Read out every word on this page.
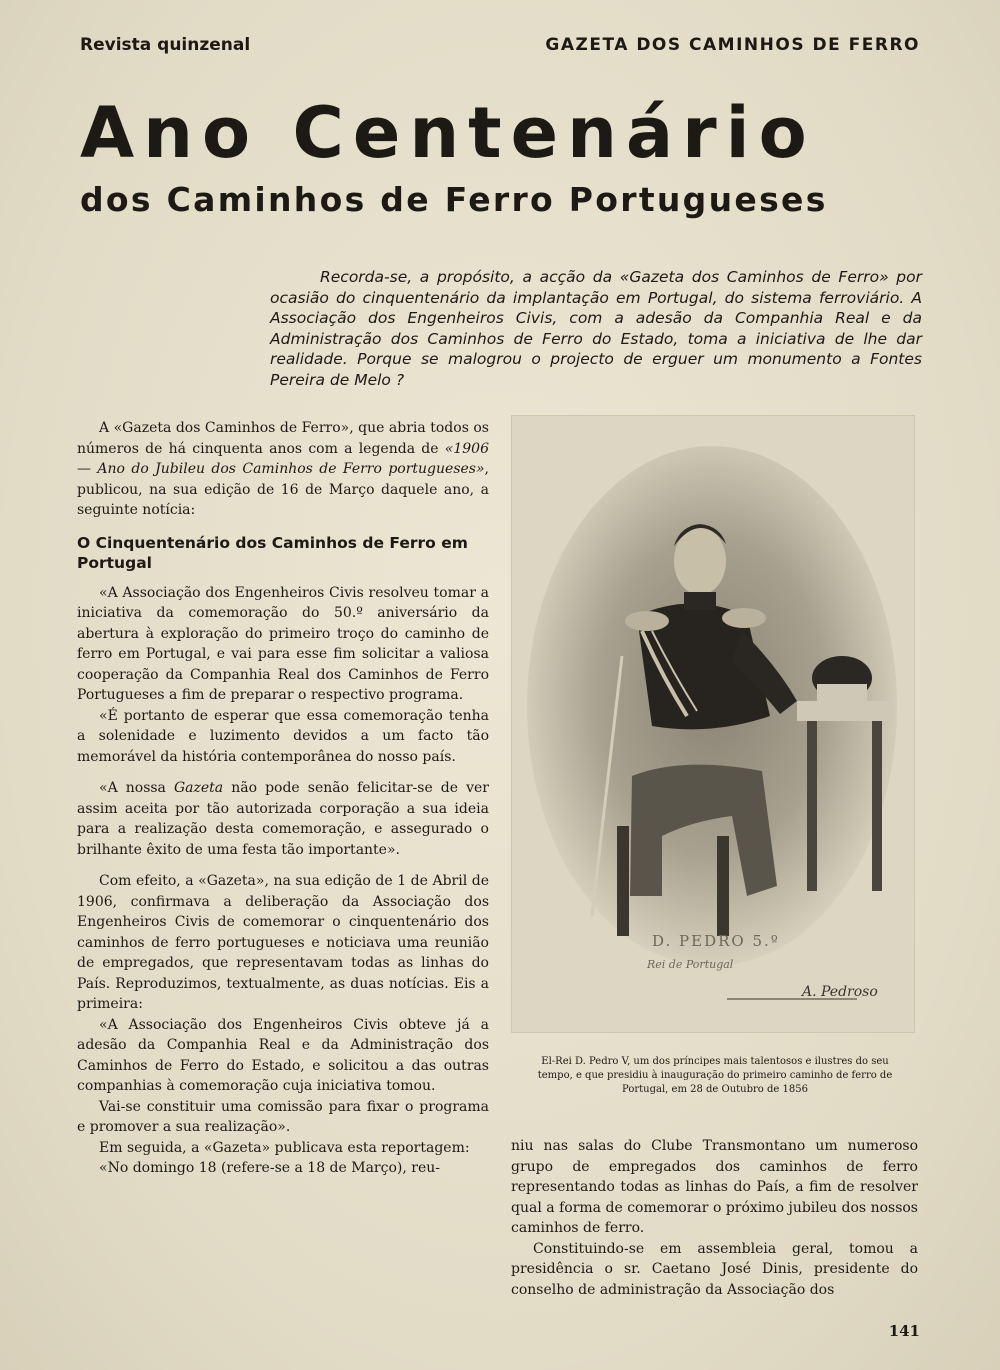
Revista quinzenal	GAZETA DOS CAMINHOS DE FERRO
Ano Centenário
dos Caminhos de Ferro Portugueses
Recorda-se, a propósito, a acção da «Gazeta dos Caminhos de Ferro» por ocasião do cinquentenário da implantação em Portugal, do sistema ferroviário. A Associação dos Engenheiros Civis, com a adesão da Companhia Real e da Administração dos Caminhos de Ferro do Estado, toma a iniciativa de lhe dar realidade. Porque se malogrou o projecto de erguer um monumento a Fontes Pereira de Melo ?

A «Gazeta dos Caminhos de Ferro», que abria todos os números de há cinquenta anos com a legenda de «1906 — Ano do Jubileu dos Caminhos de Ferro portugueses», publicou, na sua edição de 16 de Março daquele ano, a seguinte notícia:

O Cinquentenário dos Caminhos de Ferro em Portugal

«A Associação dos Engenheiros Civis resolveu tomar a iniciativa da comemoração do 50.º aniversário da abertura à exploração do primeiro troço do caminho de ferro em Portugal, e vai para esse fim solicitar a valiosa cooperação da Companhia Real dos Caminhos de Ferro Portugueses a fim de preparar o respectivo programa.

«É portanto de esperar que essa comemoração tenha a solenidade e luzimento devidos a um facto tão memorável da história contemporânea do nosso país.

«A nossa Gazeta não pode senão felicitar-se de ver assim aceita por tão autorizada corporação a sua ideia para a realização desta comemoração, e assegurado o brilhante êxito de uma festa tão importante».

Com efeito, a «Gazeta», na sua edição de 1 de Abril de 1906, confirmava a deliberação da Associação dos Engenheiros Civis de comemorar o cinquentenário dos caminhos de ferro portugueses e noticiava uma reunião de empregados, que representavam todas as linhas do País. Reproduzimos, textualmente, as duas notícias. Eis a primeira:

«A Associação dos Engenheiros Civis obteve já a adesão da Companhia Real e da Administração dos Caminhos de Ferro do Estado, e solicitou a das outras companhias à comemoração cuja iniciativa tomou.

Vai-se constituir uma comissão para fixar o programa e promover a sua realização».

Em seguida, a «Gazeta» publicava esta reportagem:

«No domingo 18 (refere-se a 18 de Março), reu-

D. PEDRO 5.º
Rei de Portugal
A. Pedroso
El-Rei D. Pedro V, um dos príncipes mais talentosos e ilustres do seu tempo, e que presidiu à inauguração do primeiro caminho de ferro de Portugal, em 28 de Outubro de 1856

niu nas salas do Clube Transmontano um numeroso grupo de empregados dos caminhos de ferro representando todas as linhas do País, a fim de resolver qual a forma de comemorar o próximo jubileu dos nossos caminhos de ferro.

Constituindo-se em assembleia geral, tomou a presidência o sr. Caetano José Dinis, presidente do conselho de administração da Associação dos

141
